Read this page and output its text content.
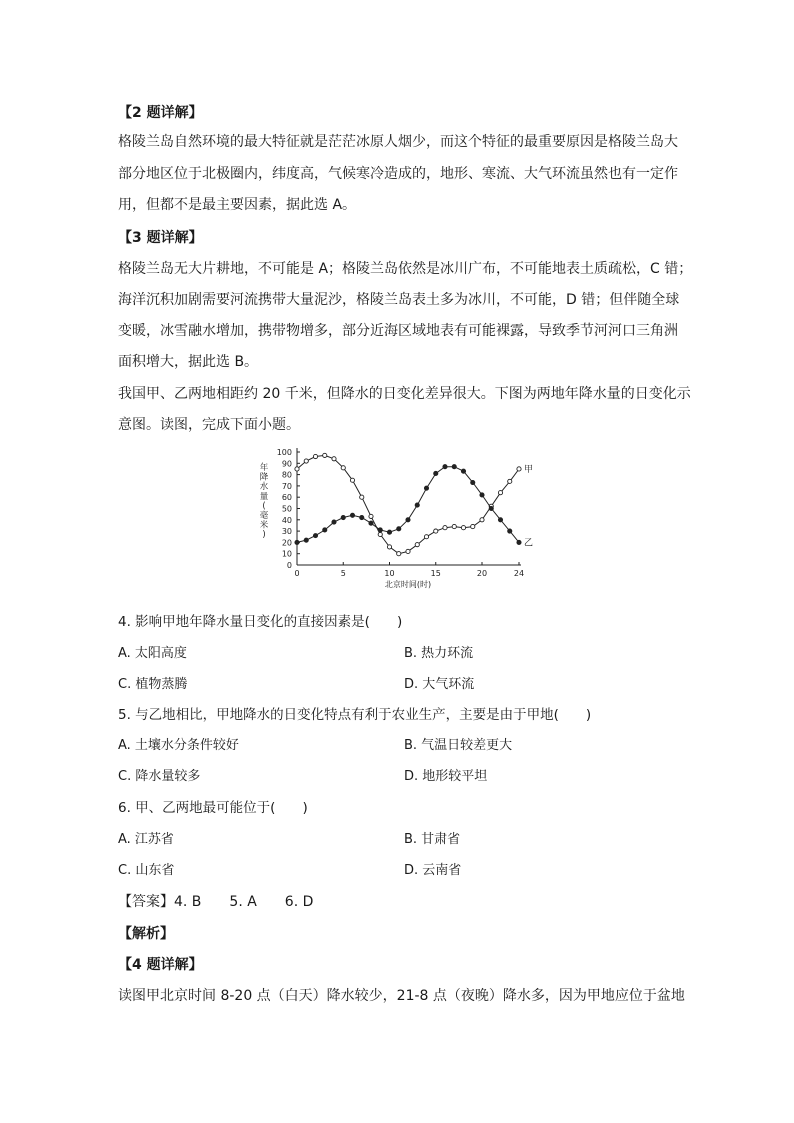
【2 题详解】
格陵兰岛自然环境的最大特征就是茫茫冰原人烟少，而这个特征的最重要原因是格陵兰岛大
部分地区位于北极圈内，纬度高，气候寒冷造成的，地形、寒流、大气环流虽然也有一定作
用，但都不是最主要因素，据此选 A。
【3 题详解】
格陵兰岛无大片耕地，不可能是 A；格陵兰岛依然是冰川广布，不可能地表土质疏松，C 错；
海洋沉积加剧需要河流携带大量泥沙，格陵兰岛表土多为冰川，不可能，D 错；但伴随全球
变暖，冰雪融水增加，携带物增多，部分近海区域地表有可能裸露，导致季节河河口三角洲
面积增大，据此选 B。
我国甲、乙两地相距约 20 千米，但降水的日变化差异很大。下图为两地年降水量的日变化示
意图。读图，完成下面小题。
0
10
20
30
40
50
60
70
80
90
100
0	5	10	15	20	24
北京时间(时)
年
降
水
量
(
毫
米
)
甲
乙
4. 影响甲地年降水量日变化的直接因素是(　　)
A. 太阳高度	B. 热力环流
C. 植物蒸腾	D. 大气环流
5. 与乙地相比，甲地降水的日变化特点有利于农业生产，主要是由于甲地(　　)
A. 土壤水分条件较好	B. 气温日较差更大
C. 降水量较多	D. 地形较平坦
6. 甲、乙两地最可能位于(　　)
A. 江苏省	B. 甘肃省
C. 山东省	D. 云南省
【答案】4. B　　5. A　　6. D
【解析】
【4 题详解】
读图甲北京时间 8-20 点（白天）降水较少，21-8 点（夜晚）降水多，因为甲地应位于盆地
